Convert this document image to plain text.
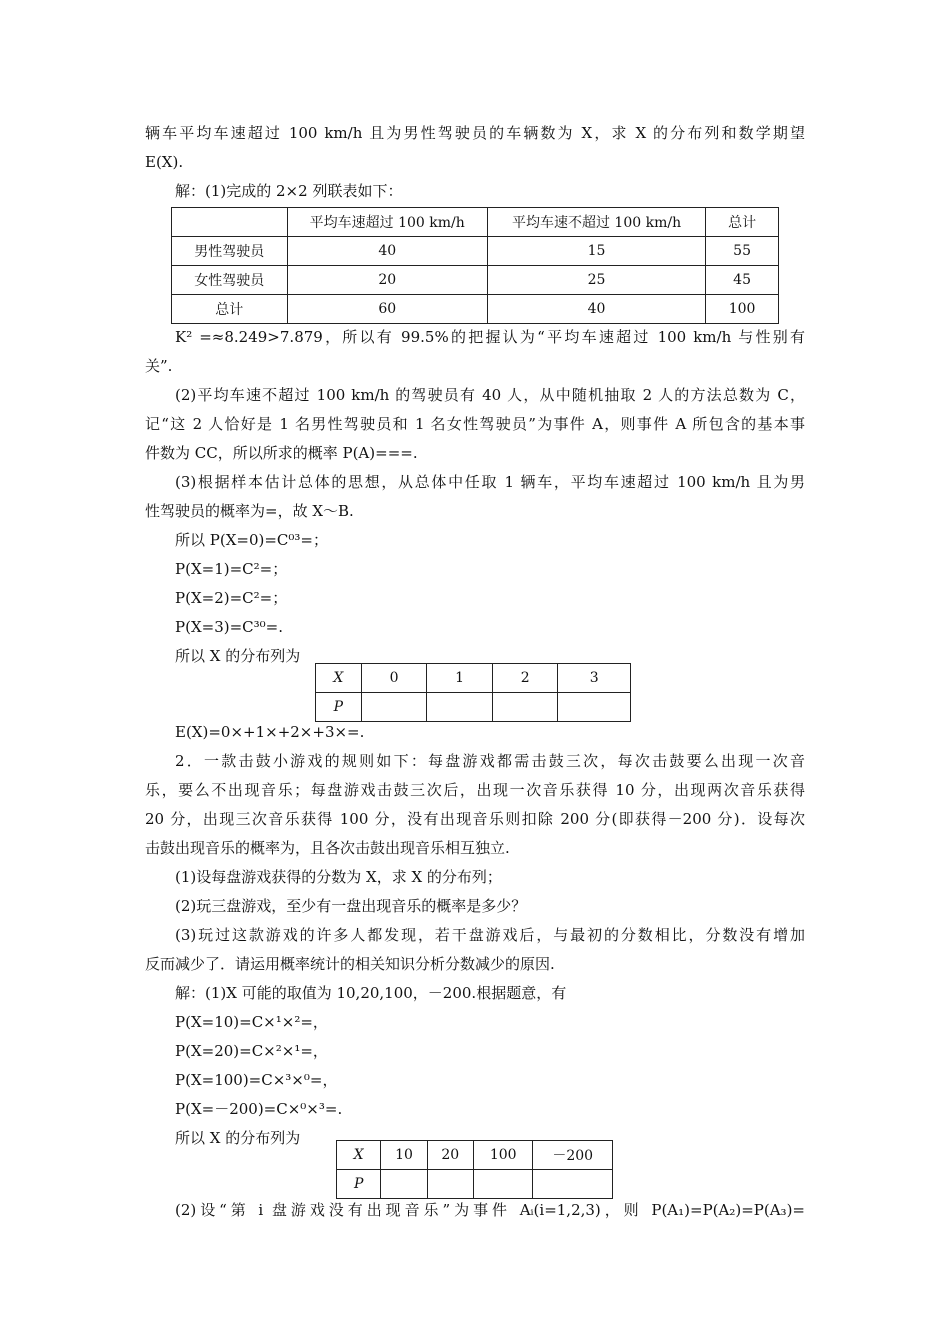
辆车平均车速超过 100 km/h 且为男性驾驶员的车辆数为 X，求 X 的分布列和数学期望
E(X).
解：(1)完成的 2×2 列联表如下：
	平均车速超过 100 km/h	平均车速不超过 100 km/h	总计
男性驾驶员	40	15	55
女性驾驶员	20	25	45
总计	60	40	100
K² =≈8.249>7.879，所以有 99.5%的把握认为“平均车速超过 100 km/h 与性别有
关”.
(2)平均车速不超过 100 km/h 的驾驶员有 40 人，从中随机抽取 2 人的方法总数为 C，
记“这 2 人恰好是 1 名男性驾驶员和 1 名女性驾驶员”为事件 A，则事件 A 所包含的基本事
件数为 CC，所以所求的概率 P(A)===.
(3)根据样本估计总体的思想，从总体中任取 1 辆车，平均车速超过 100 km/h 且为男
性驾驶员的概率为=，故 X～B.
所以 P(X=0)=C⁰³=；
P(X=1)=C²=；
P(X=2)=C²=；
P(X=3)=C³⁰=.
所以 X 的分布列为
X	0	1	2	3
P				
E(X)=0×+1×+2×+3×=.
2．一款击鼓小游戏的规则如下：每盘游戏都需击鼓三次，每次击鼓要么出现一次音
乐，要么不出现音乐；每盘游戏击鼓三次后，出现一次音乐获得 10 分，出现两次音乐获得
20 分，出现三次音乐获得 100 分，没有出现音乐则扣除 200 分(即获得－200 分)．设每次
击鼓出现音乐的概率为，且各次击鼓出现音乐相互独立.
(1)设每盘游戏获得的分数为 X，求 X 的分布列；
(2)玩三盘游戏，至少有一盘出现音乐的概率是多少？
(3)玩过这款游戏的许多人都发现，若干盘游戏后，与最初的分数相比，分数没有增加
反而减少了．请运用概率统计的相关知识分析分数减少的原因.
解：(1)X 可能的取值为 10,20,100，－200.根据题意，有
P(X=10)=C×¹×²=，
P(X=20)=C×²×¹=，
P(X=100)=C×³×⁰=，
P(X=－200)=C×⁰×³=.
所以 X 的分布列为
X	10	20	100	－200
P				
(2)设“第 i 盘游戏没有出现音乐”为事件 Aᵢ(i=1,2,3)，则 P(A₁)=P(A₂)=P(A₃)=
